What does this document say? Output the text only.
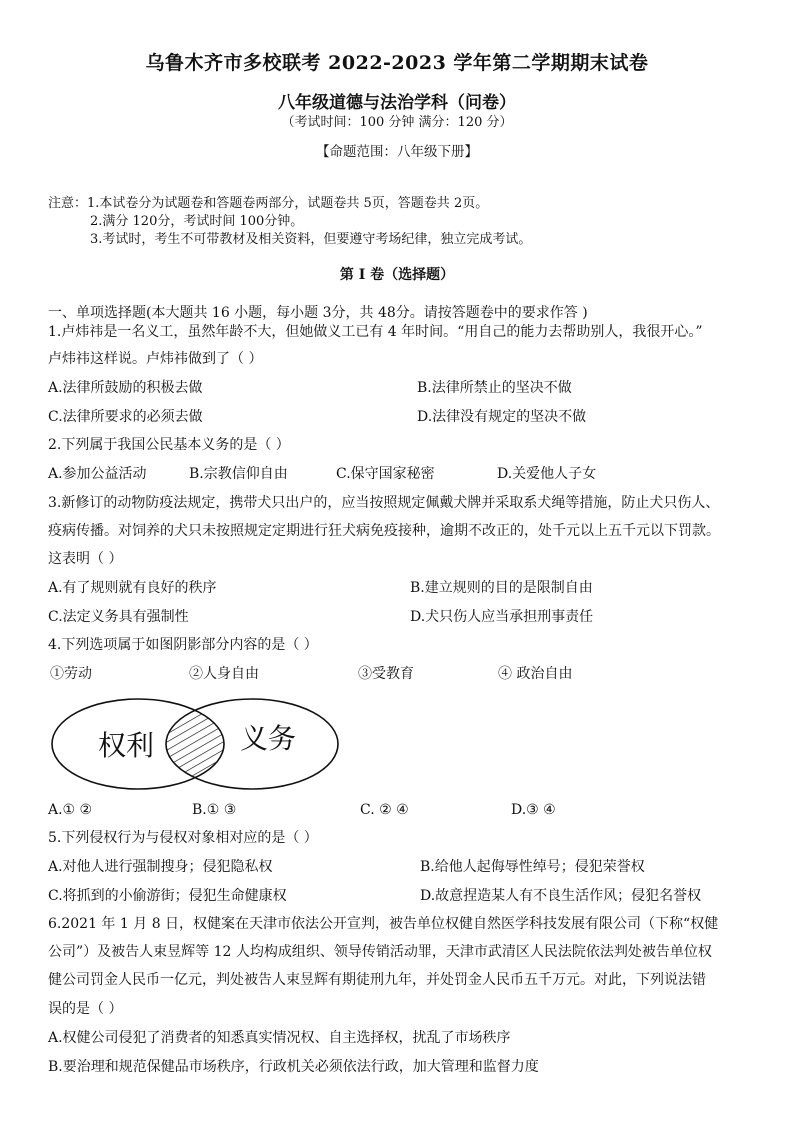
乌鲁木齐市多校联考 2022-2023 学年第二学期期末试卷
八年级道德与法治学科（问卷）
（考试时间：100 分钟 满分：120 分）
【命题范围：八年级下册】
注意：1.本试卷分为试题卷和答题卷两部分，试题卷共 5页，答题卷共 2页。
2.满分 120分，考试时间 100分钟。
3.考试时，考生不可带教材及相关资料，但要遵守考场纪律，独立完成考试。
第 I 卷（选择题）
一、单项选择题(本大题共 16 小题，每小题 3分，共 48分。请按答题卷中的要求作答 )
1.卢炜祎是一名义工，虽然年龄不大，但她做义工已有 4 年时间。“用自己的能力去帮助别人，我很开心。”
卢炜祎这样说。卢炜祎做到了（ ）
A.法律所鼓励的积极去做	B.法律所禁止的坚决不做
C.法律所要求的必须去做	D.法律没有规定的坚决不做
2.下列属于我国公民基本义务的是（ ）
A.参加公益活动	B.宗教信仰自由	C.保守国家秘密	D.关爱他人子女
3.新修订的动物防疫法规定，携带犬只出户的，应当按照规定佩戴犬牌并采取系犬绳等措施，防止犬只伤人、
疫病传播。对饲养的犬只未按照规定定期进行狂犬病免疫接种，逾期不改正的，处千元以上五千元以下罚款。
这表明（ ）
A.有了规则就有良好的秩序	B.建立规则的目的是限制自由
C.法定义务具有强制性	D.犬只伤人应当承担刑事责任
4.下列选项属于如图阴影部分内容的是（ ）
①劳动	②人身自由	③受教育	④ 政治自由
权利	义务
A.① ②	B.① ③	C. ② ④	D.③ ④
5.下列侵权行为与侵权对象相对应的是（ ）
A.对他人进行强制搜身；侵犯隐私权	B.给他人起侮辱性绰号；侵犯荣誉权
C.将抓到的小偷游街；侵犯生命健康权	D.故意捏造某人有不良生活作风；侵犯名誉权
6.2021 年 1 月 8 日，权健案在天津市依法公开宣判，被告单位权健自然医学科技发展有限公司（下称“权健
公司”）及被告人束昱辉等 12 人均构成组织、领导传销活动罪，天津市武清区人民法院依法判处被告单位权
健公司罚金人民币一亿元，判处被告人束昱辉有期徒刑九年，并处罚金人民币五千万元。对此，下列说法错
误的是（ ）
A.权健公司侵犯了消费者的知悉真实情况权、自主选择权，扰乱了市场秩序
B.要治理和规范保健品市场秩序，行政机关必须依法行政，加大管理和监督力度
